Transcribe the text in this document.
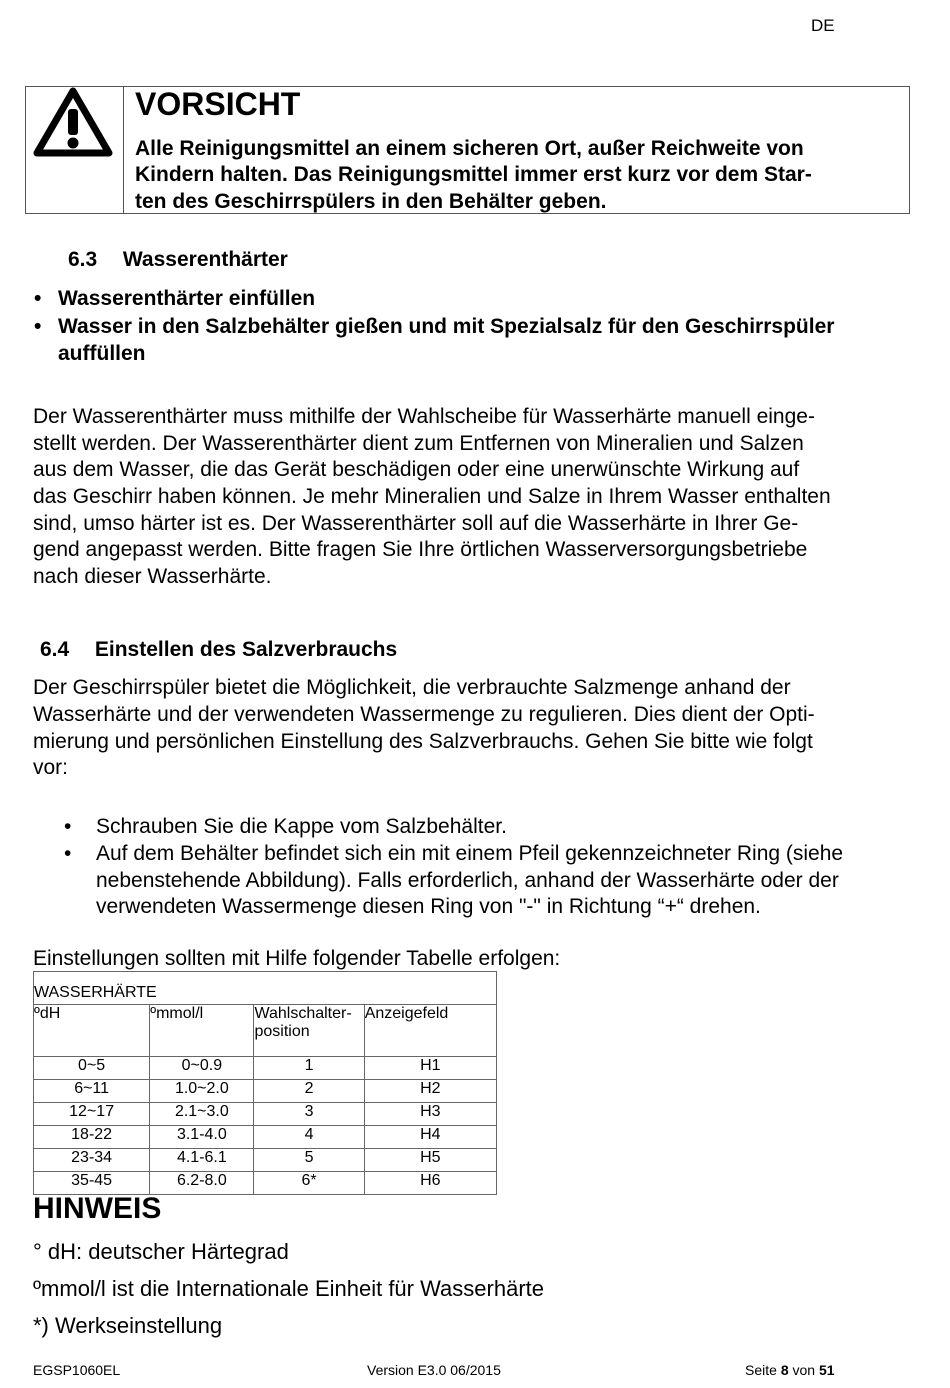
DE
VORSICHT
Alle Reinigungsmittel an einem sicheren Ort, außer Reichweite von
Kindern halten. Das Reinigungsmittel immer erst kurz vor dem Star-
ten des Geschirrspülers in den Behälter geben.
6.3 Wasserenthärter
• Wasserenthärter einfüllen
• Wasser in den Salzbehälter gießen und mit Spezialsalz für den Geschirrspüler
auffüllen
Der Wasserenthärter muss mithilfe der Wahlscheibe für Wasserhärte manuell einge-
stellt werden. Der Wasserenthärter dient zum Entfernen von Mineralien und Salzen
aus dem Wasser, die das Gerät beschädigen oder eine unerwünschte Wirkung auf
das Geschirr haben können. Je mehr Mineralien und Salze in Ihrem Wasser enthalten
sind, umso härter ist es. Der Wasserenthärter soll auf die Wasserhärte in Ihrer Ge-
gend angepasst werden. Bitte fragen Sie Ihre örtlichen Wasserversorgungsbetriebe
nach dieser Wasserhärte.
6.4 Einstellen des Salzverbrauchs
Der Geschirrspüler bietet die Möglichkeit, die verbrauchte Salzmenge anhand der
Wasserhärte und der verwendeten Wassermenge zu regulieren. Dies dient der Opti-
mierung und persönlichen Einstellung des Salzverbrauchs. Gehen Sie bitte wie folgt
vor:
• Schrauben Sie die Kappe vom Salzbehälter.
• Auf dem Behälter befindet sich ein mit einem Pfeil gekennzeichneter Ring (siehe
nebenstehende Abbildung). Falls erforderlich, anhand der Wasserhärte oder der
verwendeten Wassermenge diesen Ring von "-" in Richtung “+“ drehen.
Einstellungen sollten mit Hilfe folgender Tabelle erfolgen:
WASSERHÄRTE			
ºdH	ºmmol/l	Wahlschalter-position	Anzeigefeld
0~5	0~0.9	1	H1
6~11	1.0~2.0	2	H2
12~17	2.1~3.0	3	H3
18-22	3.1-4.0	4	H4
23-34	4.1-6.1	5	H5
35-45	6.2-8.0	6*	H6
HINWEIS
° dH: deutscher Härtegrad
ºmmol/l ist die Internationale Einheit für Wasserhärte
*) Werkseinstellung
EGSP1060EL	Version E3.0 06/2015	Seite 8 von 51
